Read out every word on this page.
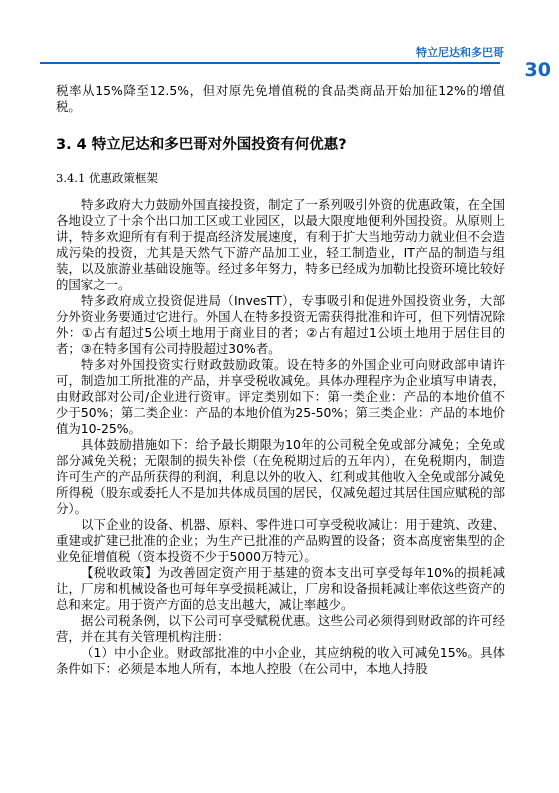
特立尼达和多巴哥
30

税率从15%降至12.5%，但对原先免增值税的食品类商品开始加征12%的增值税。

3. 4 特立尼达和多巴哥对外国投资有何优惠?
3.4.1 优惠政策框架

特多政府大力鼓励外国直接投资，制定了一系列吸引外资的优惠政策，在全国各地设立了十余个出口加工区或工业园区，以最大限度地便利外国投资。从原则上讲，特多欢迎所有有利于提高经济发展速度，有利于扩大当地劳动力就业但不会造成污染的投资，尤其是天然气下游产品加工业，轻工制造业，IT产品的制造与组装，以及旅游业基础设施等。经过多年努力，特多已经成为加勒比投资环境比较好的国家之一。

特多政府成立投资促进局（InvesTT），专事吸引和促进外国投资业务，大部分外资业务要通过它进行。外国人在特多投资无需获得批准和许可，但下列情况除外：①占有超过5公顷土地用于商业目的者；②占有超过1公顷土地用于居住目的者；③在特多国有公司持股超过30%者。

特多对外国投资实行财政鼓励政策。设在特多的外国企业可向财政部申请许可，制造加工所批准的产品，并享受税收减免。具体办理程序为企业填写申请表，由财政部对公司/企业进行资审。评定类别如下：第一类企业：产品的本地价值不少于50%；第二类企业：产品的本地价值为25-50%；第三类企业：产品的本地价值为10-25%。

具体鼓励措施如下：给予最长期限为10年的公司税全免或部分减免；全免或部分减免关税；无限制的损失补偿（在免税期过后的五年内），在免税期内，制造许可生产的产品所获得的利润，利息以外的收入、红利或其他收入全免或部分减免所得税（股东或委托人不是加共体成员国的居民，仅减免超过其居住国应赋税的部分）。

以下企业的设备、机器、原料、零件进口可享受税收减让：用于建筑、改建、重建或扩建已批准的企业；为生产已批准的产品购置的设备；资本高度密集型的企业免征增值税（资本投资不少于5000万特元）。

【税收政策】为改善固定资产用于基建的资本支出可享受每年10%的损耗减让，厂房和机械设备也可每年享受损耗减让，厂房和设备损耗减让率依这些资产的总和来定。用于资产方面的总支出越大，减让率越少。

据公司税条例，以下公司可享受赋税优惠。这些公司必须得到财政部的许可经营，并在其有关管理机构注册：

（1）中小企业。财政部批准的中小企业，其应纳税的收入可减免15%。具体条件如下：必须是本地人所有，本地人控股（在公司中，本地人持股
